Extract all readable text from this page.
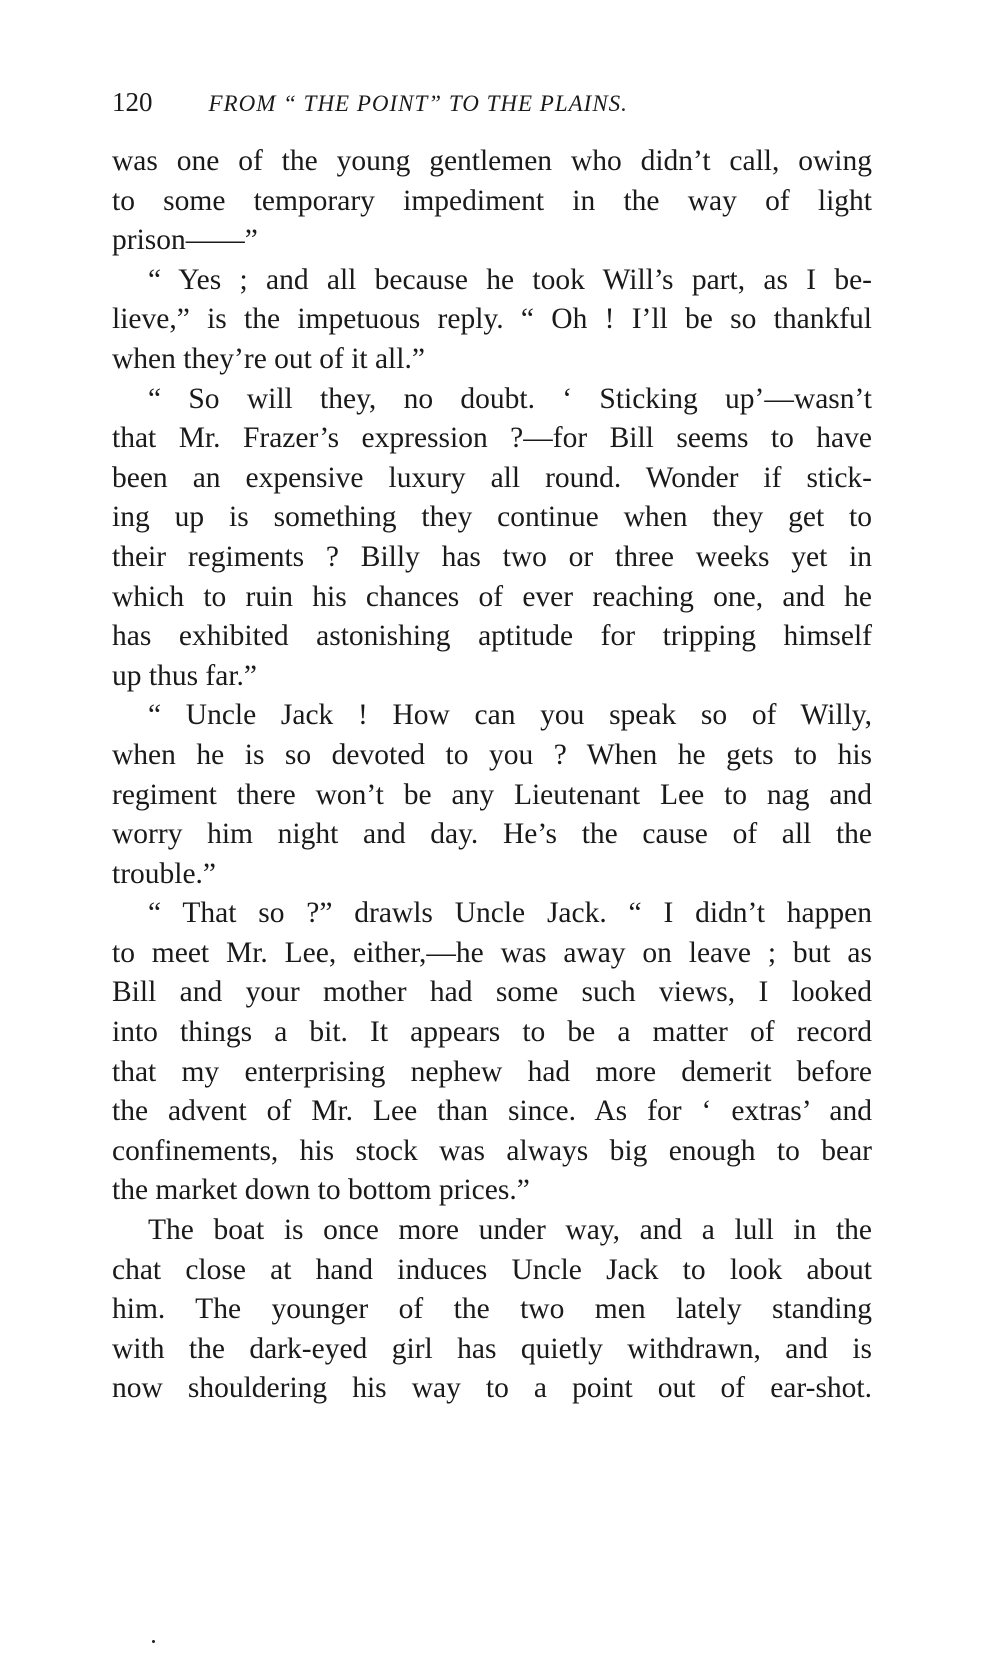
120 FROM “ THE POINT” TO THE PLAINS.
was one of the young gentlemen who didn’t call, owing
to some temporary impediment in the way of light
prison——”
“ Yes ; and all because he took Will’s part, as I be-
lieve,” is the impetuous reply. “ Oh ! I’ll be so thankful
when they’re out of it all.”
“ So will they, no doubt. ‘ Sticking up’—wasn’t
that Mr. Frazer’s expression ?—for Bill seems to have
been an expensive luxury all round. Wonder if stick-
ing up is something they continue when they get to
their regiments ? Billy has two or three weeks yet in
which to ruin his chances of ever reaching one, and he
has exhibited astonishing aptitude for tripping himself
up thus far.”
“ Uncle Jack ! How can you speak so of Willy,
when he is so devoted to you ? When he gets to his
regiment there won’t be any Lieutenant Lee to nag and
worry him night and day. He’s the cause of all the
trouble.”
“ That so ?” drawls Uncle Jack. “ I didn’t happen
to meet Mr. Lee, either,—he was away on leave ; but as
Bill and your mother had some such views, I looked
into things a bit. It appears to be a matter of record
that my enterprising nephew had more demerit before
the advent of Mr. Lee than since. As for ‘ extras’ and
confinements, his stock was always big enough to bear
the market down to bottom prices.”
The boat is once more under way, and a lull in the
chat close at hand induces Uncle Jack to look about
him. The younger of the two men lately standing
with the dark-eyed girl has quietly withdrawn, and is
now shouldering his way to a point out of ear-shot.
